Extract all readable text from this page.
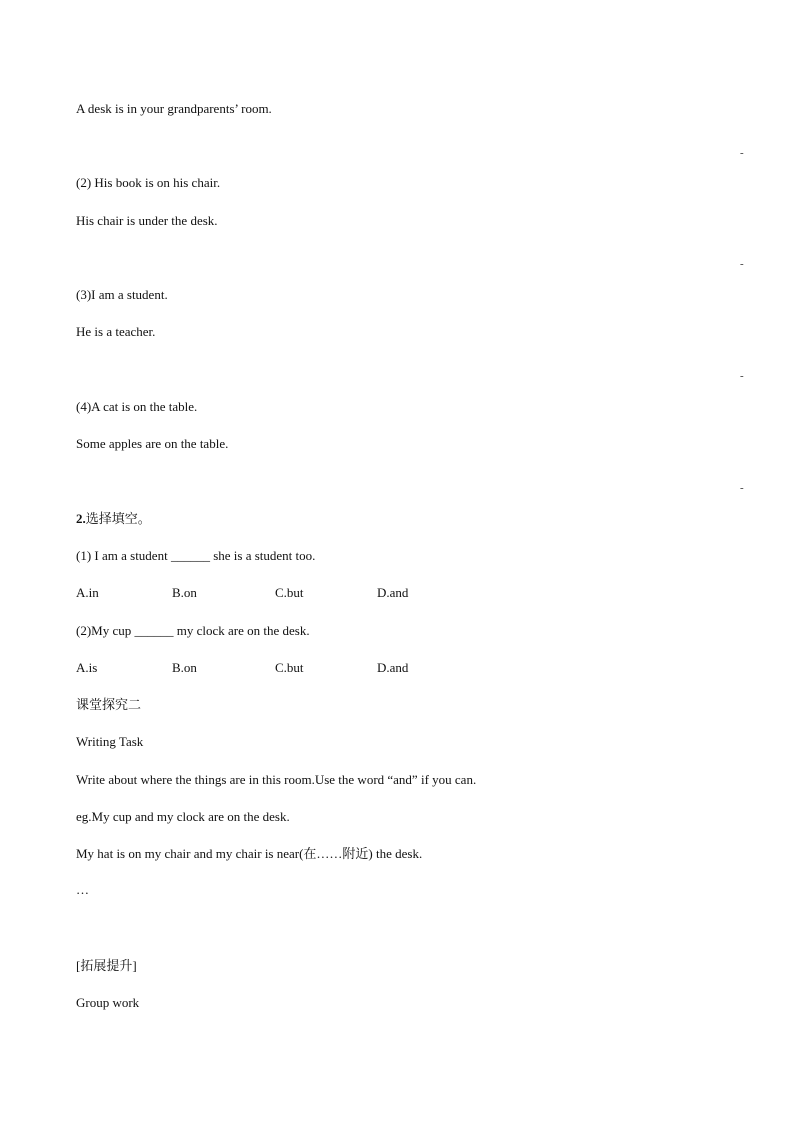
A desk is in your grandparents’ room.
-
(2) His book is on his chair.
His chair is under the desk.
-
(3)I am a student.
He is a teacher.
-
(4)A cat is on the table.
Some apples are on the table.
-
2.选择填空。
(1) I am a student ______ she is a student too.
A.in	B.on	C.but	D.and
(2)My cup ______ my clock are on the desk.
A.is	B.on	C.but	D.and
课堂探究二
Writing Task
Write about where the things are in this room.Use the word “and” if you can.
eg.My cup and my clock are on the desk.
My hat is on my chair and my chair is near(在……附近) the desk.
…
[拓展提升]
Group work
